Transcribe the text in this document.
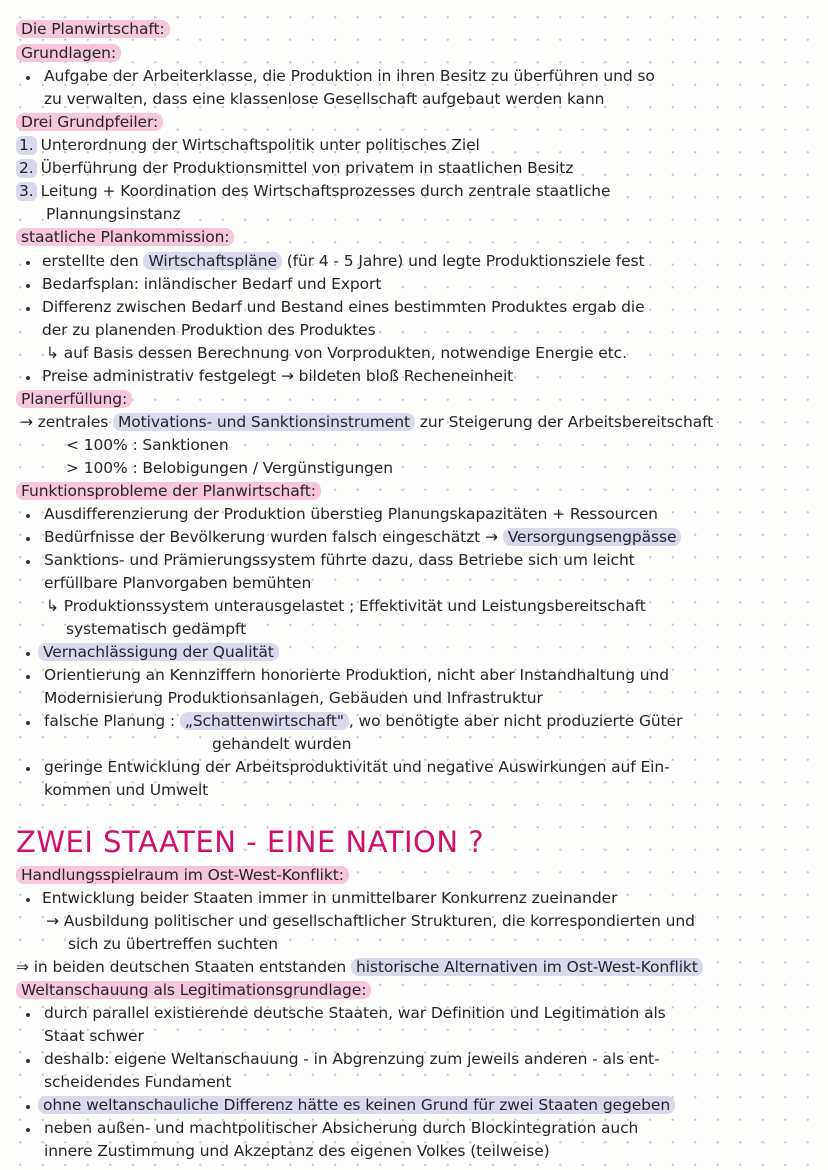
Die Planwirtschaft:
Grundlagen:
Aufgabe der Arbeiterklasse, die Produktion in ihren Besitz zu überführen und so
zu verwalten, dass eine klassenlose Gesellschaft aufgebaut werden kann
Drei Grundpfeiler:
1. Unterordnung der Wirtschaftspolitik unter politisches Ziel
2. Überführung der Produktionsmittel von privatem in staatlichen Besitz
3. Leitung + Koordination des Wirtschaftsprozesses durch zentrale staatliche
Plannungsinstanz
staatliche Plankommission:
erstellte den Wirtschaftspläne (für 4 - 5 Jahre) und legte Produktionsziele fest
Bedarfsplan: inländischer Bedarf und Export
Differenz zwischen Bedarf und Bestand eines bestimmten Produktes ergab die
der zu planenden Produktion des Produktes
↳ auf Basis dessen Berechnung von Vorprodukten, notwendige Energie etc.
Preise administrativ festgelegt → bildeten bloß Recheneinheit
Planerfüllung:
→ zentrales Motivations- und Sanktionsinstrument zur Steigerung der Arbeitsbereitschaft
< 100% : Sanktionen
> 100% : Belobigungen / Vergünstigungen
Funktionsprobleme der Planwirtschaft:
Ausdifferenzierung der Produktion überstieg Planungskapazitäten + Ressourcen
Bedürfnisse der Bevölkerung wurden falsch eingeschätzt → Versorgungsengpässe
Sanktions- und Prämierungssystem führte dazu, dass Betriebe sich um leicht
erfüllbare Planvorgaben bemühten
↳ Produktionssystem unterausgelastet ; Effektivität und Leistungsbereitschaft
systematisch gedämpft
Vernachlässigung der Qualität
Orientierung an Kennziffern honorierte Produktion, nicht aber Instandhaltung und
Modernisierung Produktionsanlagen, Gebäuden und Infrastruktur
falsche Planung : „Schattenwirtschaft" , wo benötigte aber nicht produzierte Güter
gehandelt wurden
geringe Entwicklung der Arbeitsproduktivität und negative Auswirkungen auf Ein-
kommen und Umwelt
ZWEI STAATEN - EINE NATION ?
Handlungsspielraum im Ost-West-Konflikt:
Entwicklung beider Staaten immer in unmittelbarer Konkurrenz zueinander
→ Ausbildung politischer und gesellschaftlicher Strukturen, die korrespondierten und
sich zu übertreffen suchten
⇒ in beiden deutschen Staaten entstanden historische Alternativen im Ost-West-Konflikt
Weltanschauung als Legitimationsgrundlage:
durch parallel existierende deutsche Staaten, war Definition und Legitimation als
Staat schwer
deshalb: eigene Weltanschauung - in Abgrenzung zum jeweils anderen - als ent-
scheidendes Fundament
ohne weltanschauliche Differenz hätte es keinen Grund für zwei Staaten gegeben
neben außen- und machtpolitischer Absicherung durch Blockintegration auch
innere Zustimmung und Akzeptanz des eigenen Volkes (teilweise)
